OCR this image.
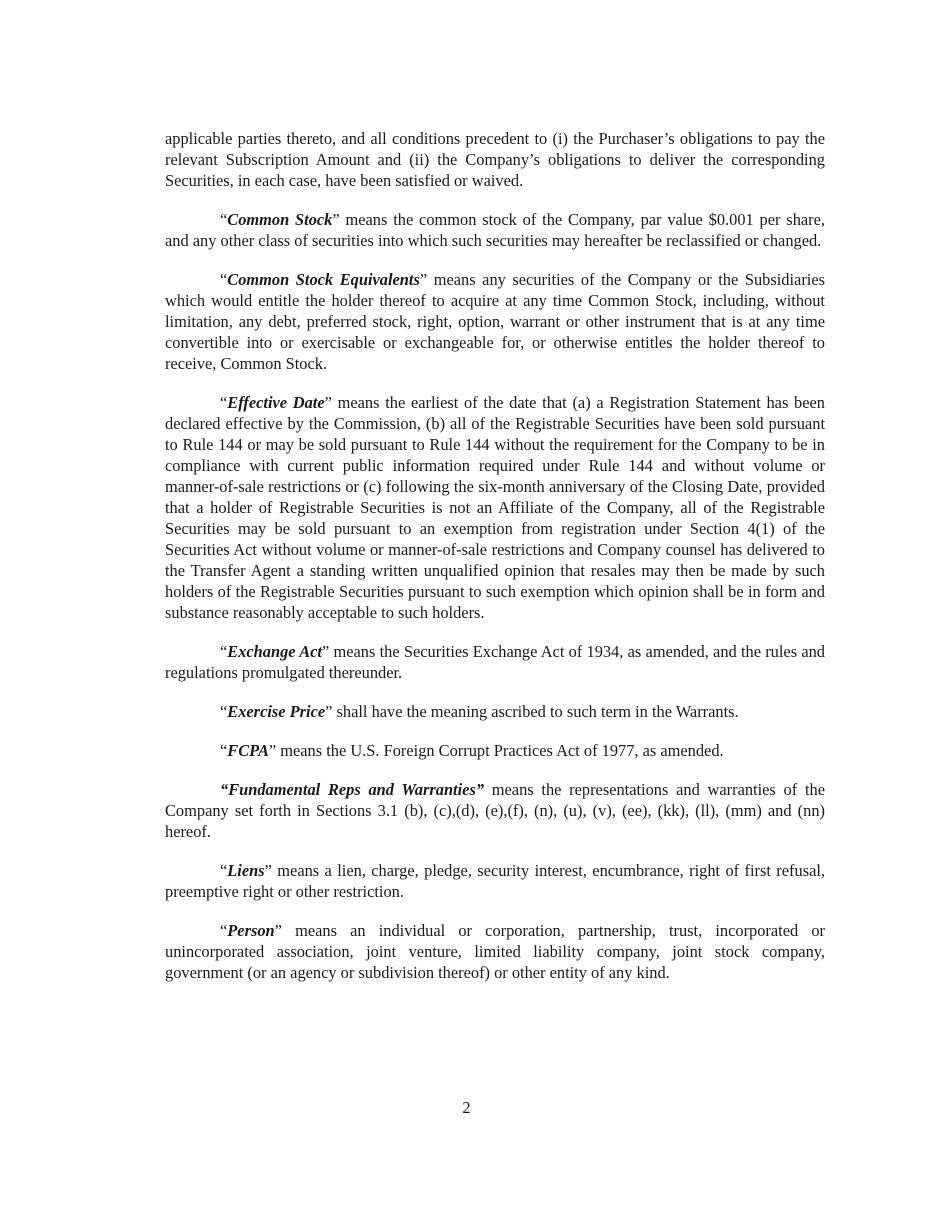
applicable parties thereto, and all conditions precedent to (i) the Purchaser’s obligations to pay the relevant Subscription Amount and (ii) the Company’s obligations to deliver the corresponding Securities, in each case, have been satisfied or waived.

“Common Stock” means the common stock of the Company, par value $0.001 per share, and any other class of securities into which such securities may hereafter be reclassified or changed.

“Common Stock Equivalents” means any securities of the Company or the Subsidiaries which would entitle the holder thereof to acquire at any time Common Stock, including, without limitation, any debt, preferred stock, right, option, warrant or other instrument that is at any time convertible into or exercisable or exchangeable for, or otherwise entitles the holder thereof to receive, Common Stock.

“Effective Date” means the earliest of the date that (a) a Registration Statement has been declared effective by the Commission, (b) all of the Registrable Securities have been sold pursuant to Rule 144 or may be sold pursuant to Rule 144 without the requirement for the Company to be in compliance with current public information required under Rule 144 and without volume or manner-of-sale restrictions or (c) following the six-month anniversary of the Closing Date, provided that a holder of Registrable Securities is not an Affiliate of the Company, all of the Registrable Securities may be sold pursuant to an exemption from registration under Section 4(1) of the Securities Act without volume or manner-of-sale restrictions and Company counsel has delivered to the Transfer Agent a standing written unqualified opinion that resales may then be made by such holders of the Registrable Securities pursuant to such exemption which opinion shall be in form and substance reasonably acceptable to such holders.

“Exchange Act” means the Securities Exchange Act of 1934, as amended, and the rules and regulations promulgated thereunder.

“Exercise Price” shall have the meaning ascribed to such term in the Warrants.

“FCPA” means the U.S. Foreign Corrupt Practices Act of 1977, as amended.

“Fundamental Reps and Warranties” means the representations and warranties of the Company set forth in Sections 3.1 (b), (c),(d), (e),(f), (n), (u), (v), (ee), (kk), (ll), (mm) and (nn) hereof.

“Liens” means a lien, charge, pledge, security interest, encumbrance, right of first refusal, preemptive right or other restriction.

“Person” means an individual or corporation, partnership, trust, incorporated or unincorporated association, joint venture, limited liability company, joint stock company, government (or an agency or subdivision thereof) or other entity of any kind.

2
